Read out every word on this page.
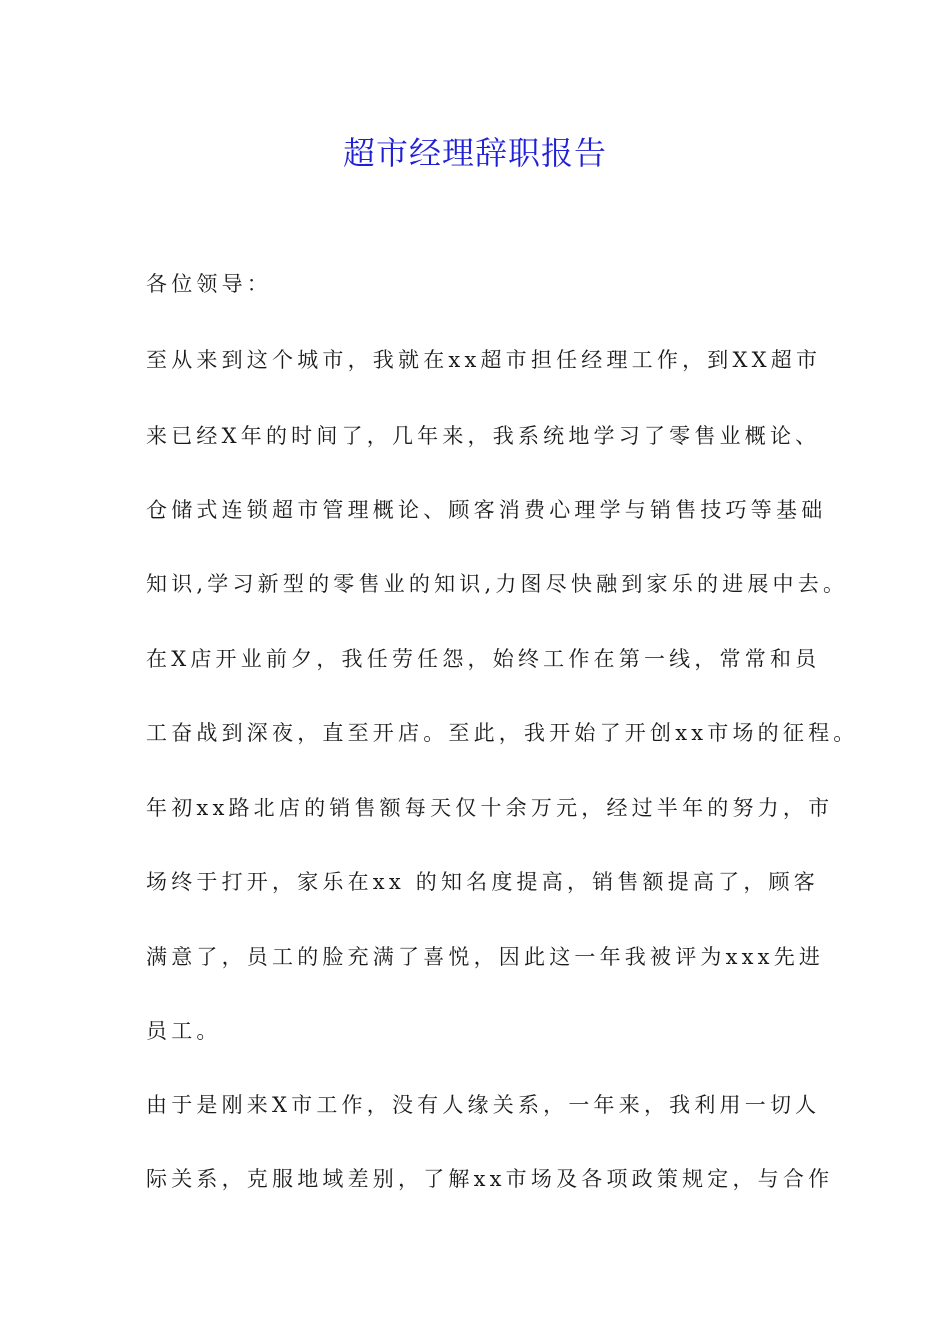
超市经理辞职报告
各位领导：
至从来到这个城市，我就在xx超市担任经理工作，到XX超市
来已经X年的时间了，几年来，我系统地学习了零售业概论、
仓储式连锁超市管理概论、顾客消费心理学与销售技巧等基础
知识,学习新型的零售业的知识,力图尽快融到家乐的进展中去。
在X店开业前夕，我任劳任怨，始终工作在第一线，常常和员
工奋战到深夜，直至开店。至此，我开始了开创xx市场的征程。
年初xx路北店的销售额每天仅十余万元，经过半年的努力，市
场终于打开，家乐在xx 的知名度提高，销售额提高了，顾客
满意了，员工的脸充满了喜悦，因此这一年我被评为xxx先进
员工。
由于是刚来X市工作，没有人缘关系，一年来，我利用一切人
际关系，克服地域差别，了解xx市场及各项政策规定，与合作
